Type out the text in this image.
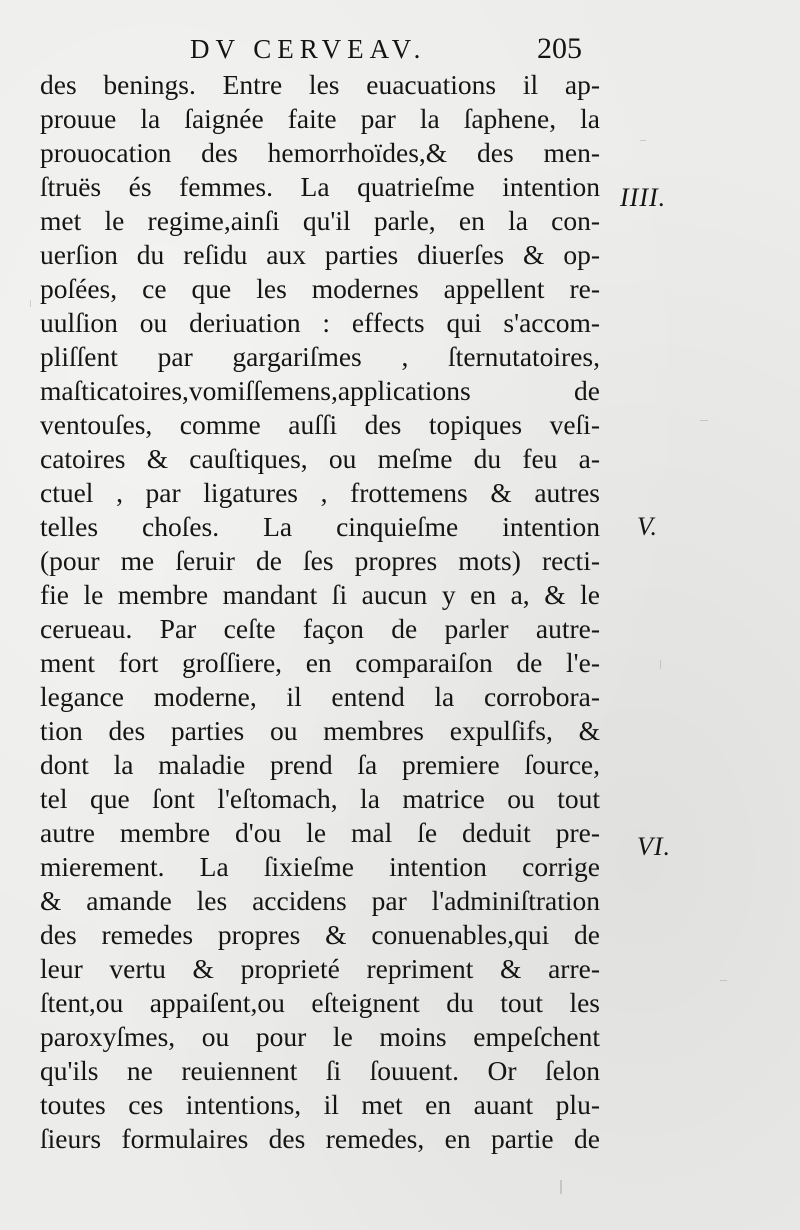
DV CERVEAV.	205
des benings. Entre les euacuations il ap-
prouue la ſaignée faite par la ſaphene, la
prouocation des hemorrhoïdes,& des men-
ſtruës és femmes. La quatrieſme intention
met le regime,ainſi qu'il parle, en la con-
uerſion du reſidu aux parties diuerſes & op-
poſées, ce que les modernes appellent re-
uulſion ou deriuation : effects qui s'accom-
pliſſent par gargariſmes , ſternutatoires,
maſticatoires,vomiſſemens,applications de
ventouſes, comme auſſi des topiques veſi-
catoires & cauſtiques, ou meſme du feu a-
ctuel , par ligatures , frottemens & autres
telles choſes. La cinquieſme intention
(pour me ſeruir de ſes propres mots) recti-
fie le membre mandant ſi aucun y en a, & le
cerueau. Par ceſte façon de parler autre-
ment fort groſſiere, en comparaiſon de l'e-
legance moderne, il entend la corrobora-
tion des parties ou membres expulſifs, &
dont la maladie prend ſa premiere ſource,
tel que ſont l'eſtomach, la matrice ou tout
autre membre d'ou le mal ſe deduit pre-
mierement. La ſixieſme intention corrige
& amande les accidens par l'adminiſtration
des remedes propres & conuenables,qui de
leur vertu & proprieté repriment & arre-
ſtent,ou appaiſent,ou eſteignent du tout les
paroxyſmes, ou pour le moins empeſchent
qu'ils ne reuiennent ſi ſouuent. Or ſelon
toutes ces intentions, il met en auant plu-
ſieurs formulaires des remedes, en partie de
IIII.
V.
VI.
